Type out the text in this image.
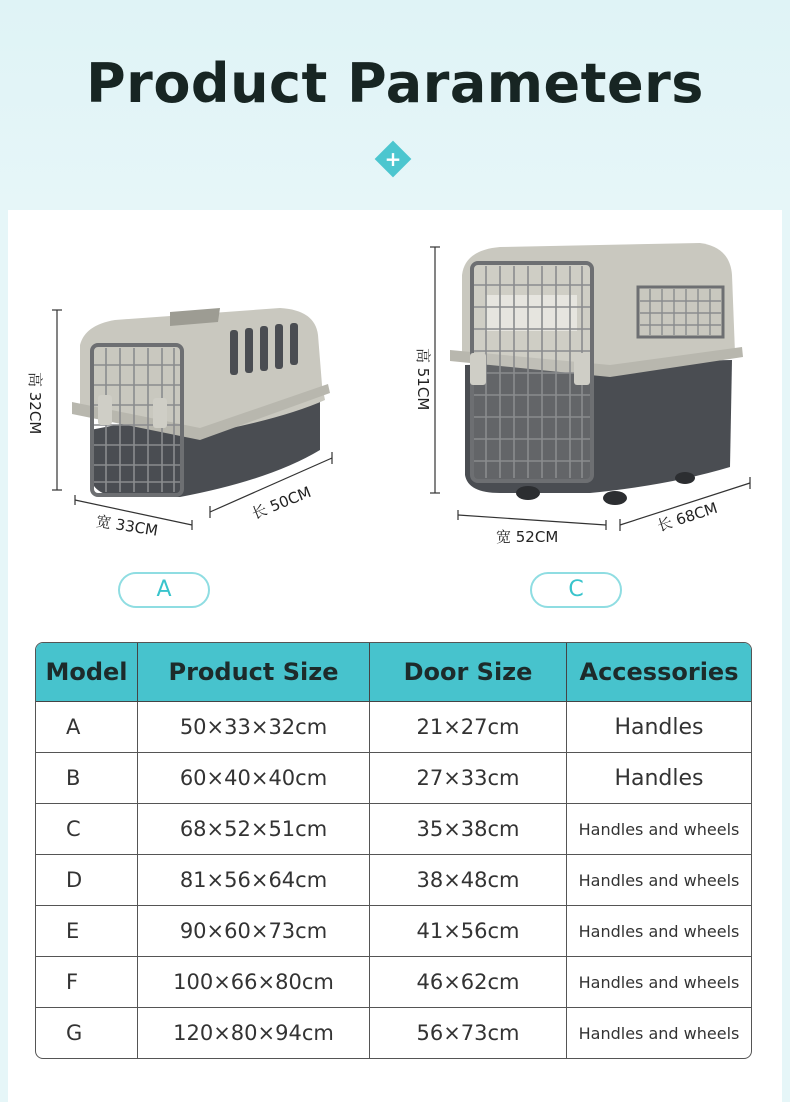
Product Parameters
+
高 32CM
宽 33CM
长 50CM
A
高 51CM
宽 52CM
长 68CM
C
Model	Product Size	Door Size	Accessories
A	50×33×32cm	21×27cm	Handles
B	60×40×40cm	27×33cm	Handles
C	68×52×51cm	35×38cm	Handles and wheels
D	81×56×64cm	38×48cm	Handles and wheels
E	90×60×73cm	41×56cm	Handles and wheels
F	100×66×80cm	46×62cm	Handles and wheels
G	120×80×94cm	56×73cm	Handles and wheels
